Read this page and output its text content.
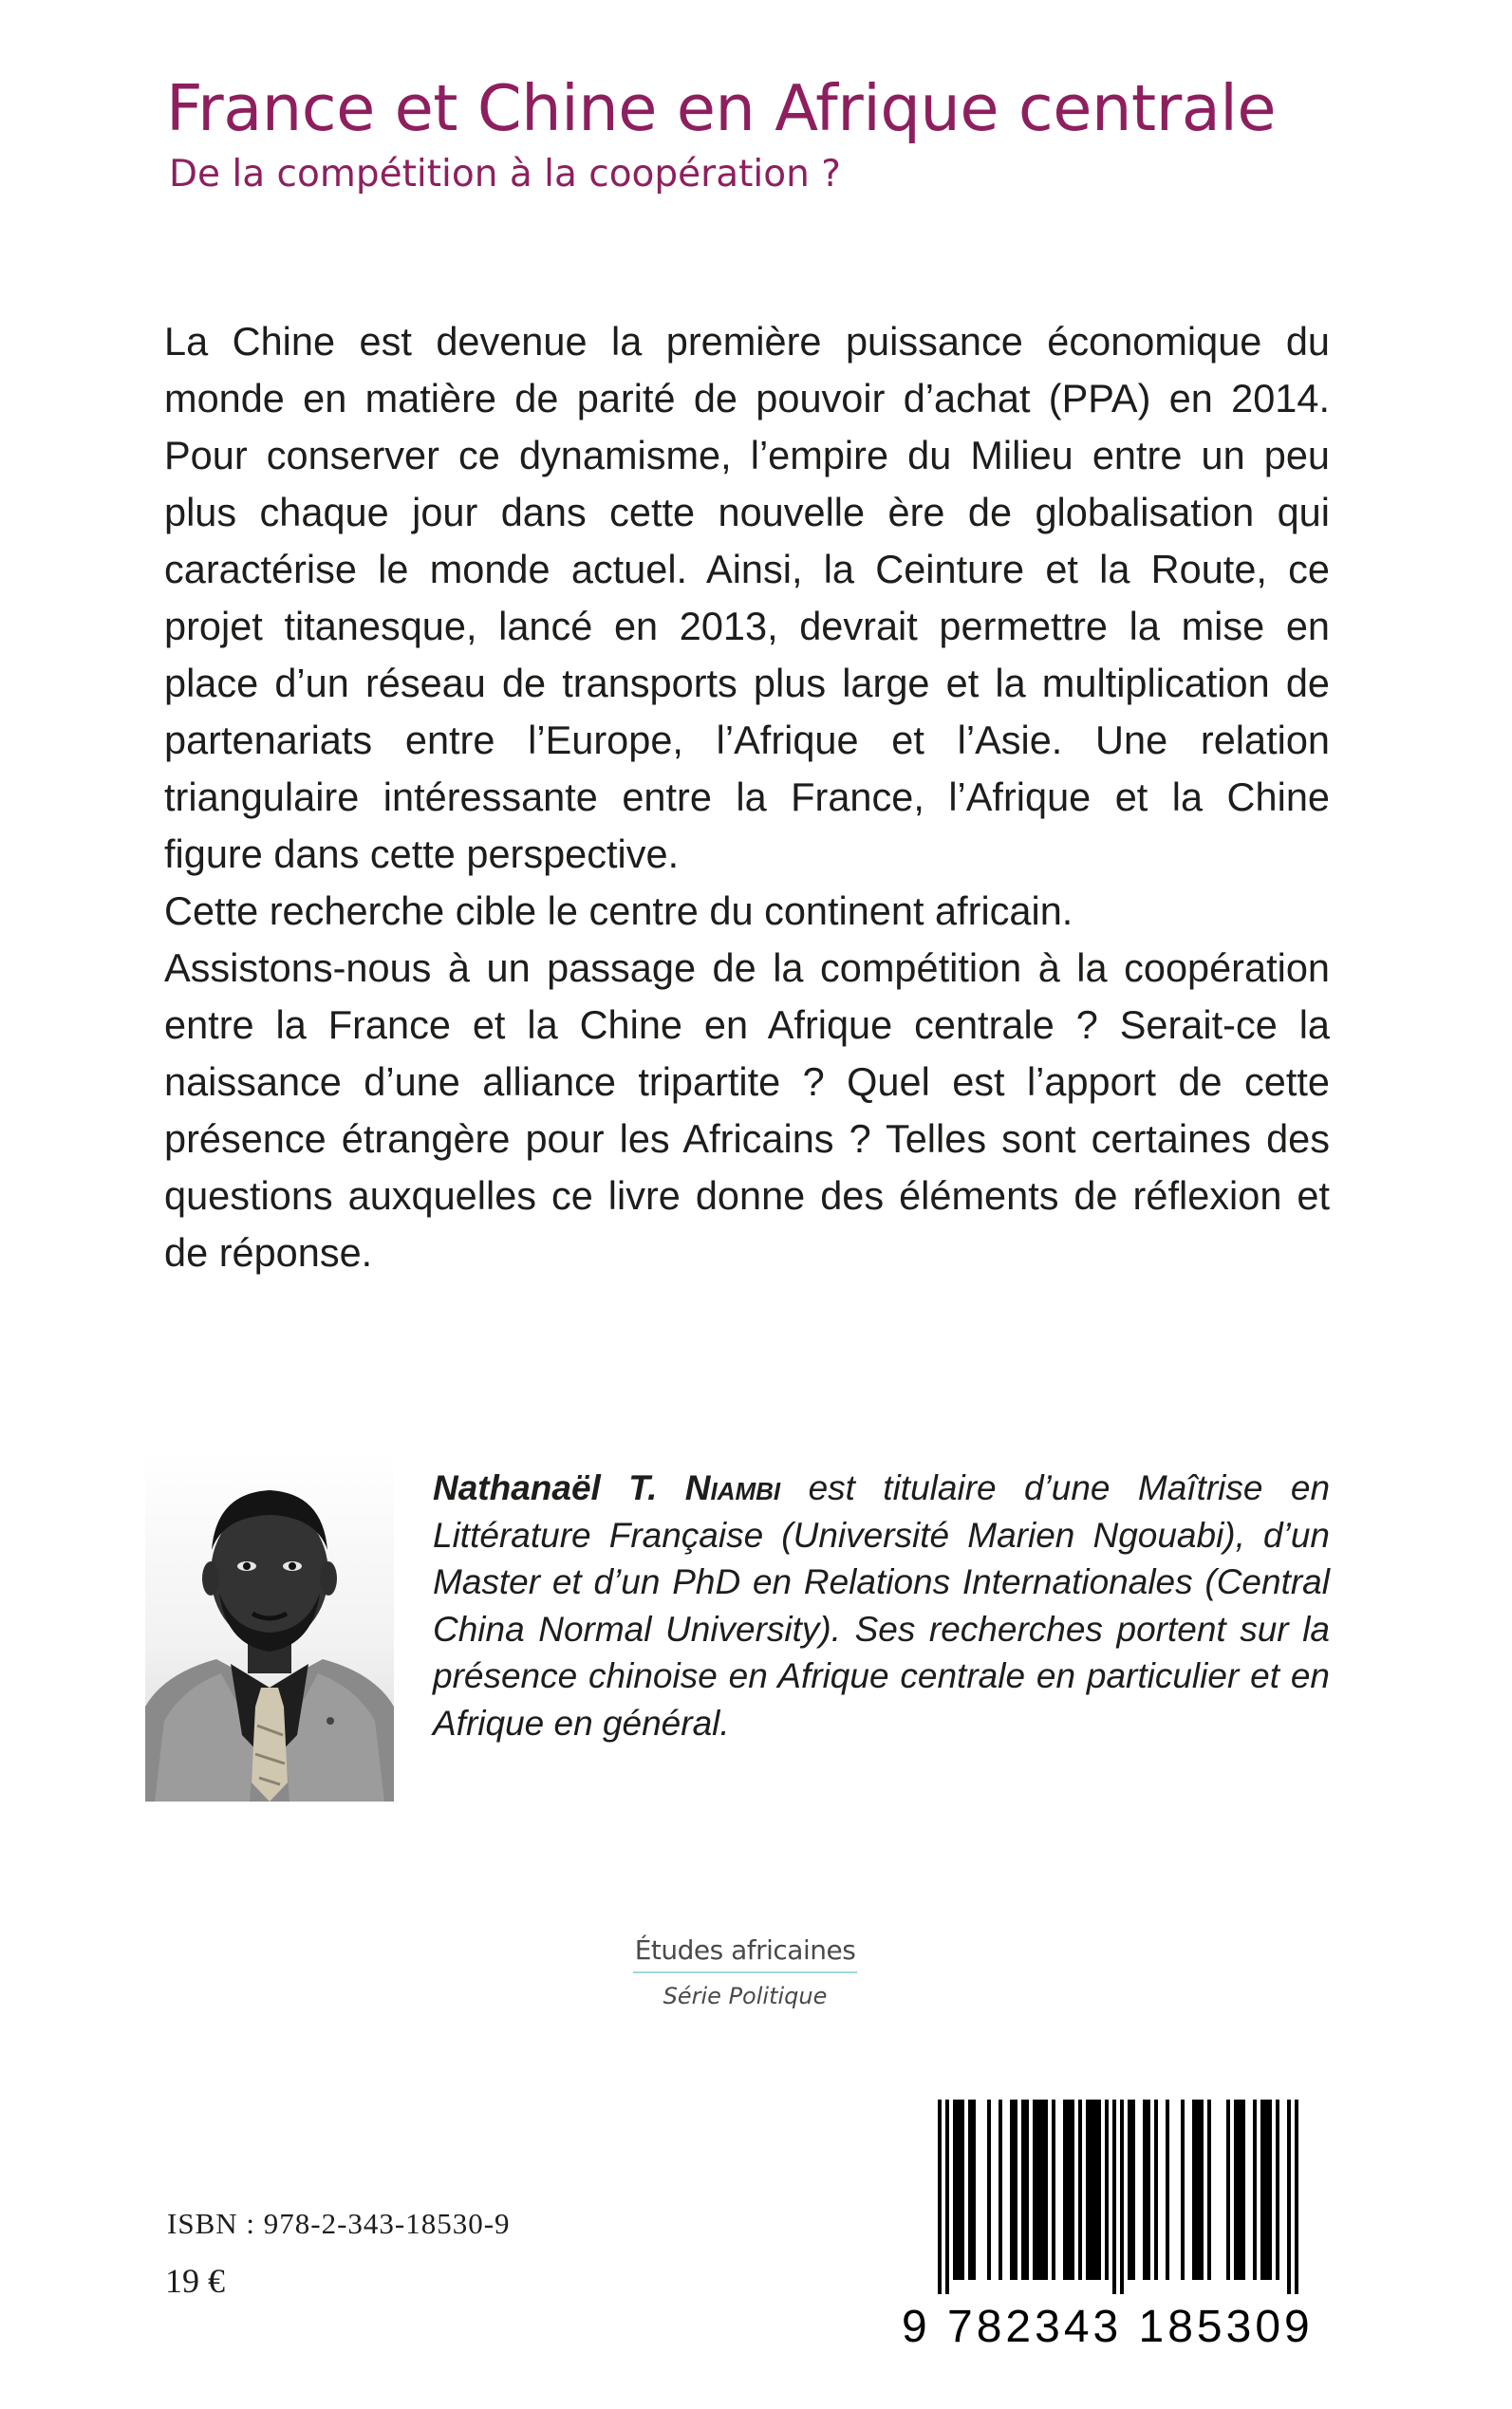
France et Chine en Afrique centrale
De la compétition à la coopération ?

La Chine est devenue la première puissance économique du monde en matière de parité de pouvoir d’achat (PPA) en 2014. Pour conserver ce dynamisme, l’empire du Milieu entre un peu plus chaque jour dans cette nouvelle ère de globalisation qui caractérise le monde actuel. Ainsi, la Ceinture et la Route, ce projet titanesque, lancé en 2013, devrait permettre la mise en place d’un réseau de transports plus large et la multiplication de partenariats entre l’Europe, l’Afrique et l’Asie. Une relation triangulaire intéressante entre la France, l’Afrique et la Chine figure dans cette perspective.

Cette recherche cible le centre du continent africain.

Assistons-nous à un passage de la compétition à la coopération entre la France et la Chine en Afrique centrale ? Serait-ce la naissance d’une alliance tripartite ? Quel est l’apport de cette présence étrangère pour les Africains ? Telles sont certaines des questions auxquelles ce livre donne des éléments de réflexion et de réponse.

Nathanaël T. Niambi est titulaire d’une Maîtrise en Littérature Française (Université Marien Ngouabi), d’un Master et d’un PhD en Relations Internationales (Central China Normal University). Ses recherches portent sur la présence chinoise en Afrique centrale en particulier et en Afrique en général.
Études africaines
Série Politique
ISBN : 978-2-343-18530-9
19 €
9 782343 185309
